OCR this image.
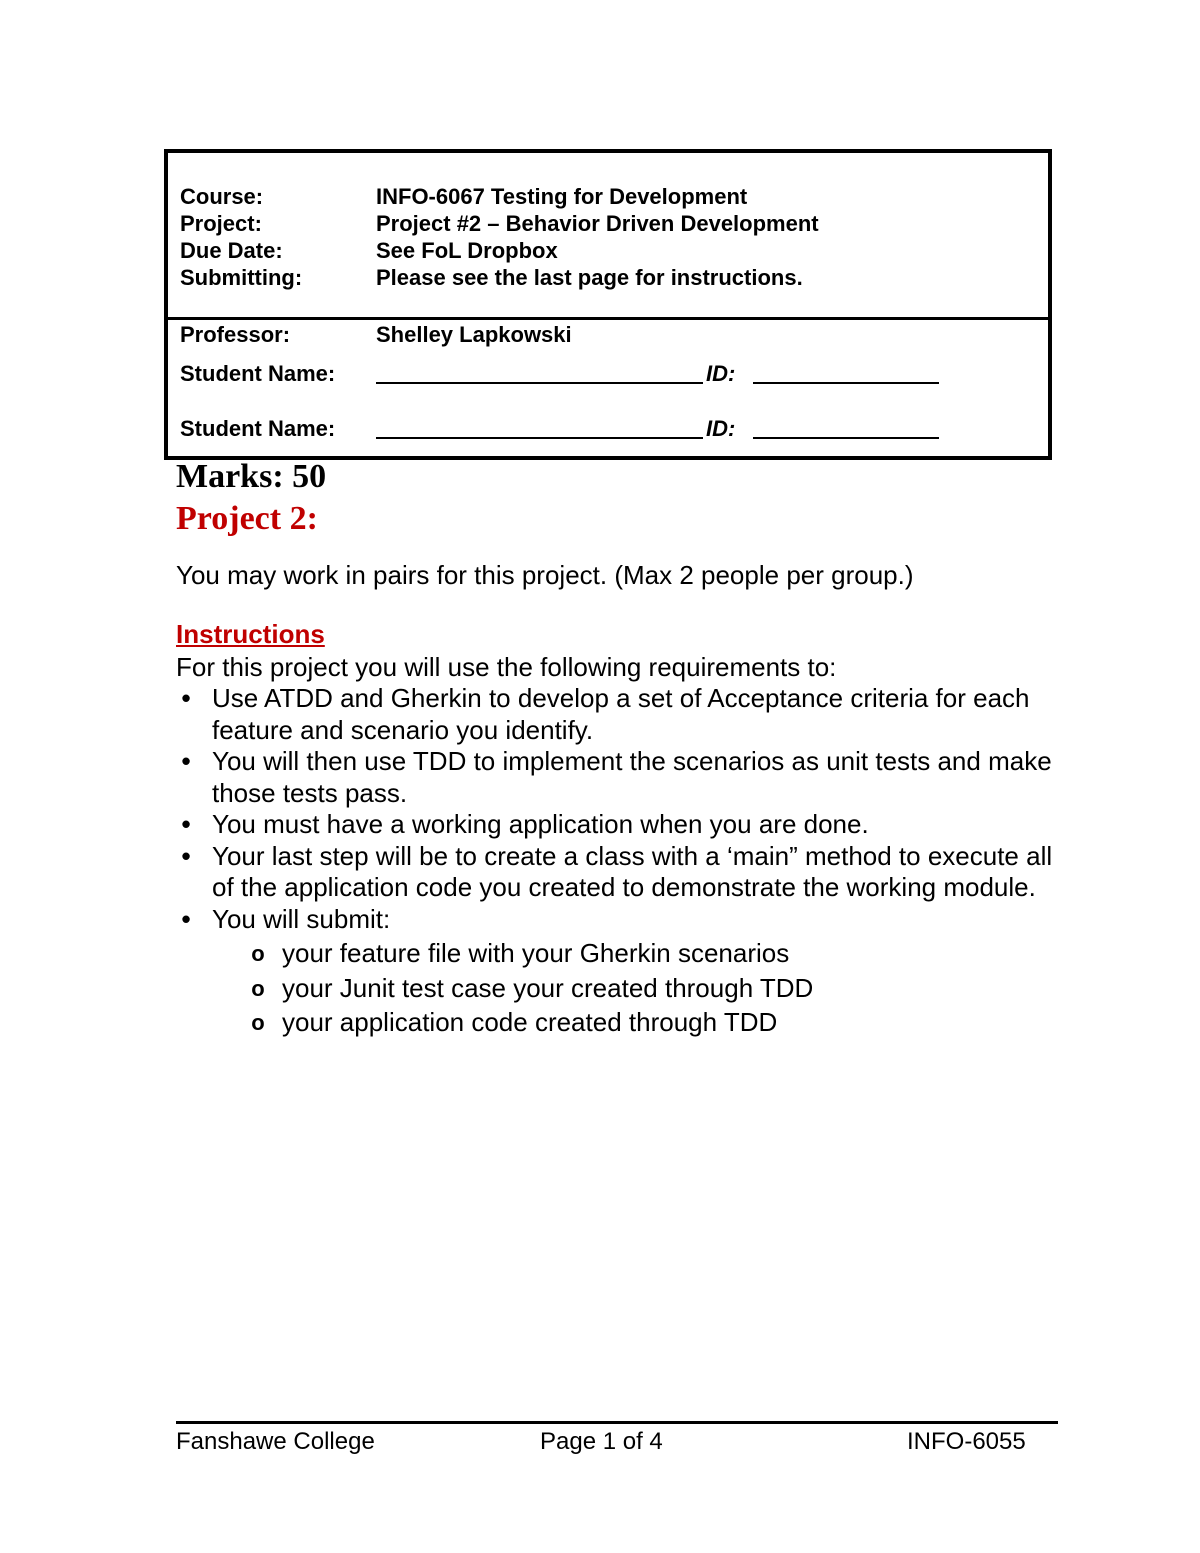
Course:	INFO-6067 Testing for Development
Project:	Project #2 – Behavior Driven Development
Due Date:	See FoL Dropbox
Submitting:	Please see the last page for instructions.
Professor:	Shelley Lapkowski
Student Name:	ID:
Student Name:	ID:
Marks: 50
Project 2:

You may work in pairs for this project. (Max 2 people per group.)

Instructions

For this project you will use the following requirements to:

• Use ATDD and Gherkin to develop a set of Acceptance criteria for each feature and scenario you identify.
• You will then use TDD to implement the scenarios as unit tests and make those tests pass.
• You must have a working application when you are done.
• Your last step will be to create a class with a ‘main” method to execute all of the application code you created to demonstrate the working module.
• You will submit:
o your feature file with your Gherkin scenarios
o your Junit test case your created through TDD
o your application code created through TDD
Fanshawe College	Page 1 of 4	INFO-6055
